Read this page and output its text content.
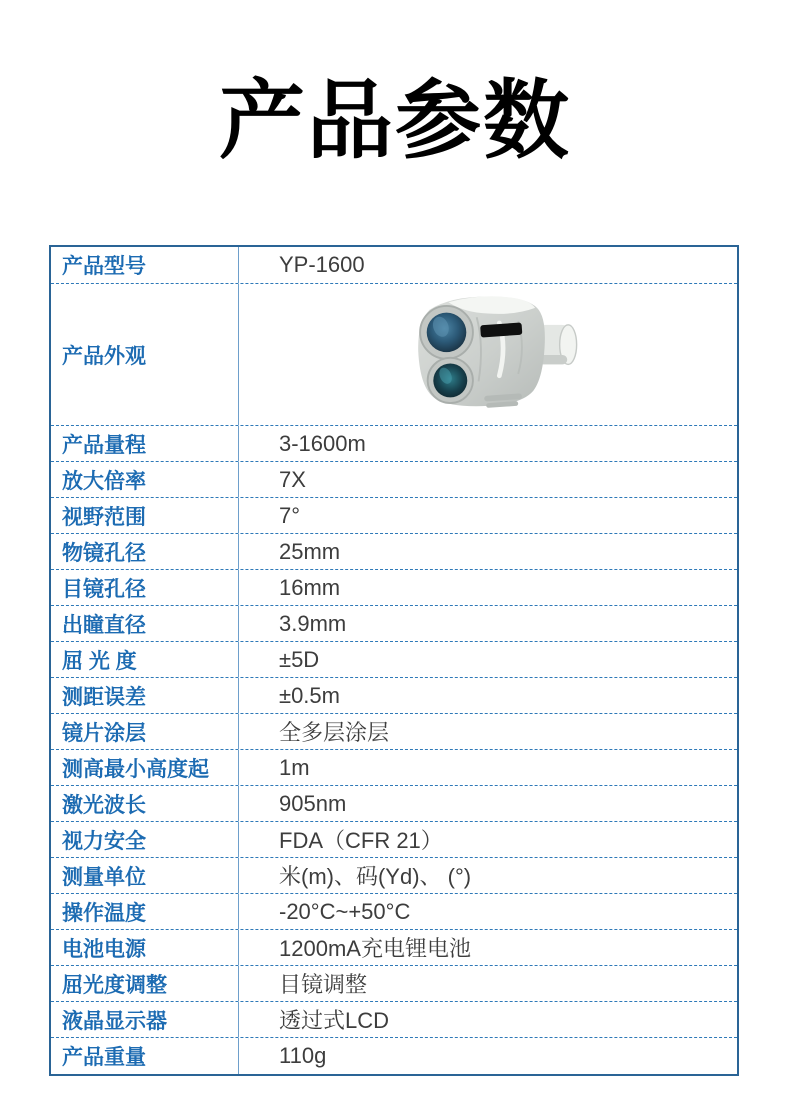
产品参数
产品型号	YP-1600
产品外观
产品量程	3-1600m
放大倍率	7X
视野范围	7°
物镜孔径	25mm
目镜孔径	16mm
出瞳直径	3.9mm
屈 光 度	±5D
测距误差	±0.5m
镜片涂层	全多层涂层
测高最小高度起	1m
激光波长	905nm
视力安全	FDA（CFR 21）
测量单位	米(m)、码(Yd)、 (°)
操作温度	-20°C~+50°C
电池电源	1200mA充电锂电池
屈光度调整	目镜调整
液晶显示器	透过式LCD
产品重量	110g
